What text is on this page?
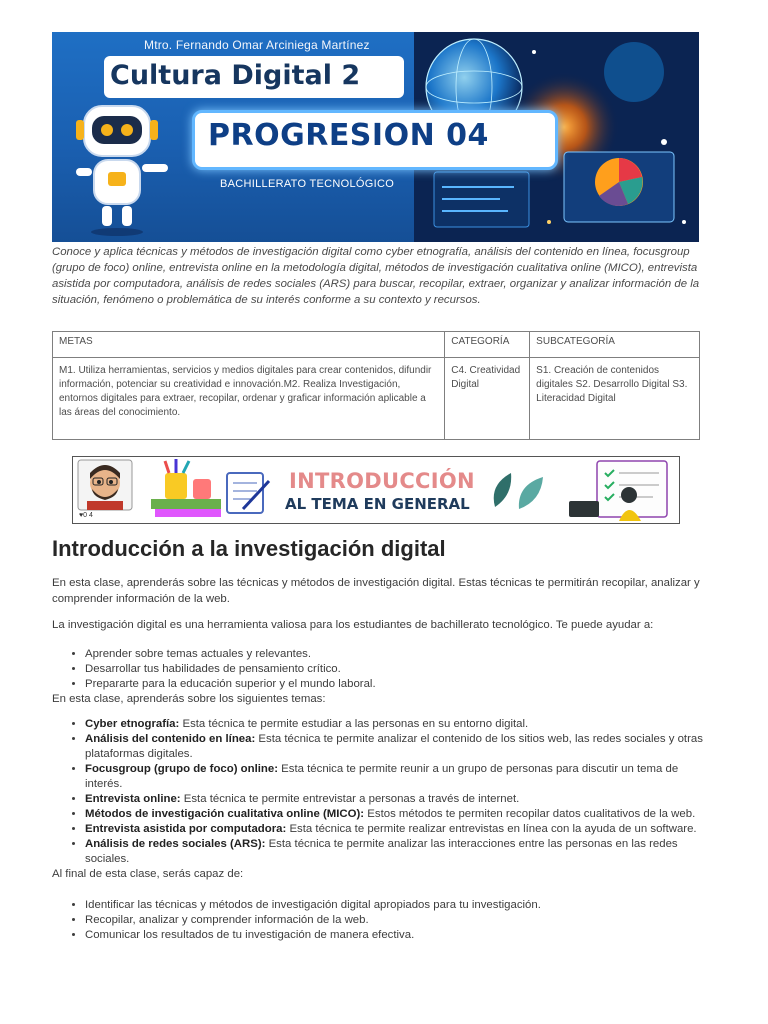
Mtro. Fernando Omar Arciniega Martínez
Cultura Digital 2
PROGRESION 04
BACHILLERATO TECNOLÓGICO
Conoce y aplica técnicas y métodos de investigación digital como cyber etnografía, análisis del contenido en línea, focusgroup (grupo de foco) online, entrevista online en la metodología digital, métodos de investigación cualitativa online (MICO), entrevista asistida por computadora, análisis de redes sociales (ARS) para buscar, recopilar, extraer, organizar y analizar información de la situación, fenómeno o problemática de su interés conforme a su contexto y recursos.
METAS	CATEGORÍA	SUBCATEGORÍA
M1. Utiliza herramientas, servicios y medios digitales para crear contenidos, difundir información, potenciar su creatividad e innovación.M2. Realiza Investigación, entornos digitales para extraer, recopilar, ordenar y graficar información aplicable a las áreas del conocimiento.	C4. Creatividad Digital	S1. Creación de contenidos digitales S2. Desarrollo Digital S3. Literacidad Digital
INTRODUCCIÓN
AL TEMA EN GENERAL
♥0 4
Introducción a la investigación digital

En esta clase, aprenderás sobre las técnicas y métodos de investigación digital. Estas técnicas te permitirán recopilar, analizar y comprender información de la web.

La investigación digital es una herramienta valiosa para los estudiantes de bachillerato tecnológico. Te puede ayudar a:

• Aprender sobre temas actuales y relevantes.
• Desarrollar tus habilidades de pensamiento crítico.
• Prepararte para la educación superior y el mundo laboral.

En esta clase, aprenderás sobre los siguientes temas:

• Cyber etnografía: Esta técnica te permite estudiar a las personas en su entorno digital.
• Análisis del contenido en línea: Esta técnica te permite analizar el contenido de los sitios web, las redes sociales y otras plataformas digitales.
• Focusgroup (grupo de foco) online: Esta técnica te permite reunir a un grupo de personas para discutir un tema de interés.
• Entrevista online: Esta técnica te permite entrevistar a personas a través de internet.
• Métodos de investigación cualitativa online (MICO): Estos métodos te permiten recopilar datos cualitativos de la web.
• Entrevista asistida por computadora: Esta técnica te permite realizar entrevistas en línea con la ayuda de un software.
• Análisis de redes sociales (ARS): Esta técnica te permite analizar las interacciones entre las personas en las redes sociales.

Al final de esta clase, serás capaz de:

• Identificar las técnicas y métodos de investigación digital apropiados para tu investigación.
• Recopilar, analizar y comprender información de la web.
• Comunicar los resultados de tu investigación de manera efectiva.
